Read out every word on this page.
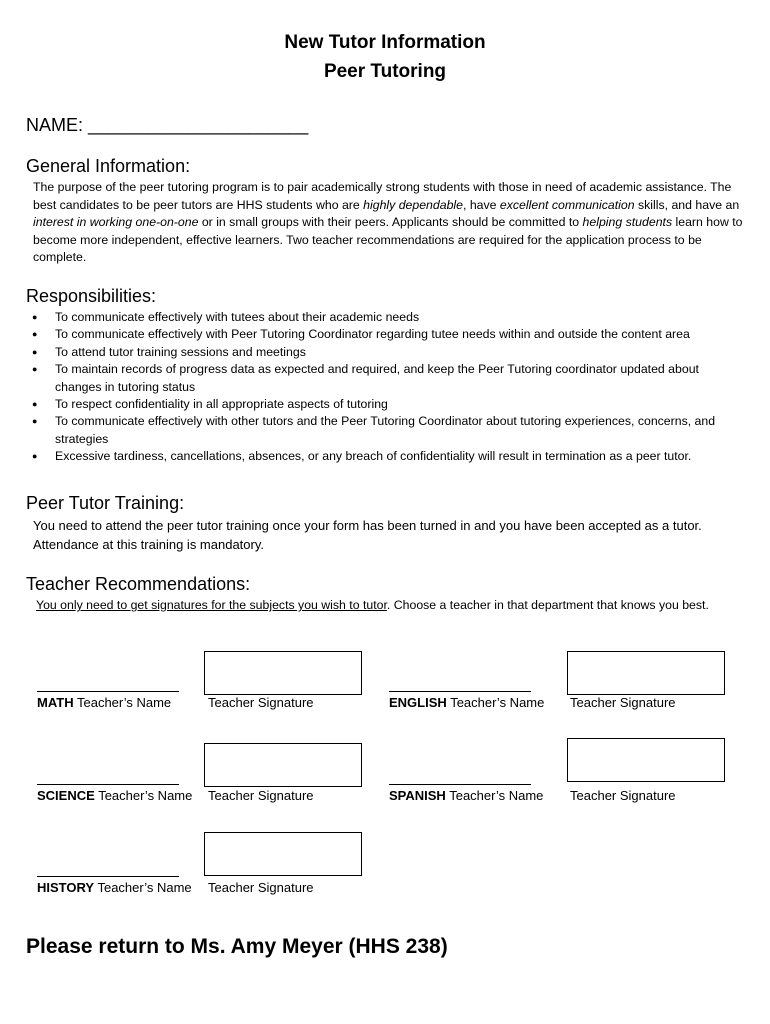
New Tutor Information
Peer Tutoring
NAME: ______________________
General Information:
The purpose of the peer tutoring program is to pair academically strong students with those in need of academic assistance. The best candidates to be peer tutors are HHS students who are highly dependable, have excellent communication skills, and have an interest in working one-on-one or in small groups with their peers. Applicants should be committed to helping students learn how to become more independent, effective learners. Two teacher recommendations are required for the application process to be complete.
Responsibilities:
● To communicate effectively with tutees about their academic needs
● To communicate effectively with Peer Tutoring Coordinator regarding tutee needs within and outside the content area
● To attend tutor training sessions and meetings
● To maintain records of progress data as expected and required, and keep the Peer Tutoring coordinator updated about changes in tutoring status
● To respect confidentiality in all appropriate aspects of tutoring
● To communicate effectively with other tutors and the Peer Tutoring Coordinator about tutoring experiences, concerns, and strategies
● Excessive tardiness, cancellations, absences, or any breach of confidentiality will result in termination as a peer tutor.
Peer Tutor Training:
You need to attend the peer tutor training once your form has been turned in and you have been accepted as a tutor. Attendance at this training is mandatory.
Teacher Recommendations:
You only need to get signatures for the subjects you wish to tutor. Choose a teacher in that department that knows you best.
MATH Teacher’s Name	Teacher Signature	ENGLISH Teacher’s Name Teacher Signature
SCIENCE Teacher’s Name Teacher Signature	SPANISH Teacher’s Name Teacher Signature
HISTORY Teacher’s Name Teacher Signature
Please return to Ms. Amy Meyer (HHS 238)
